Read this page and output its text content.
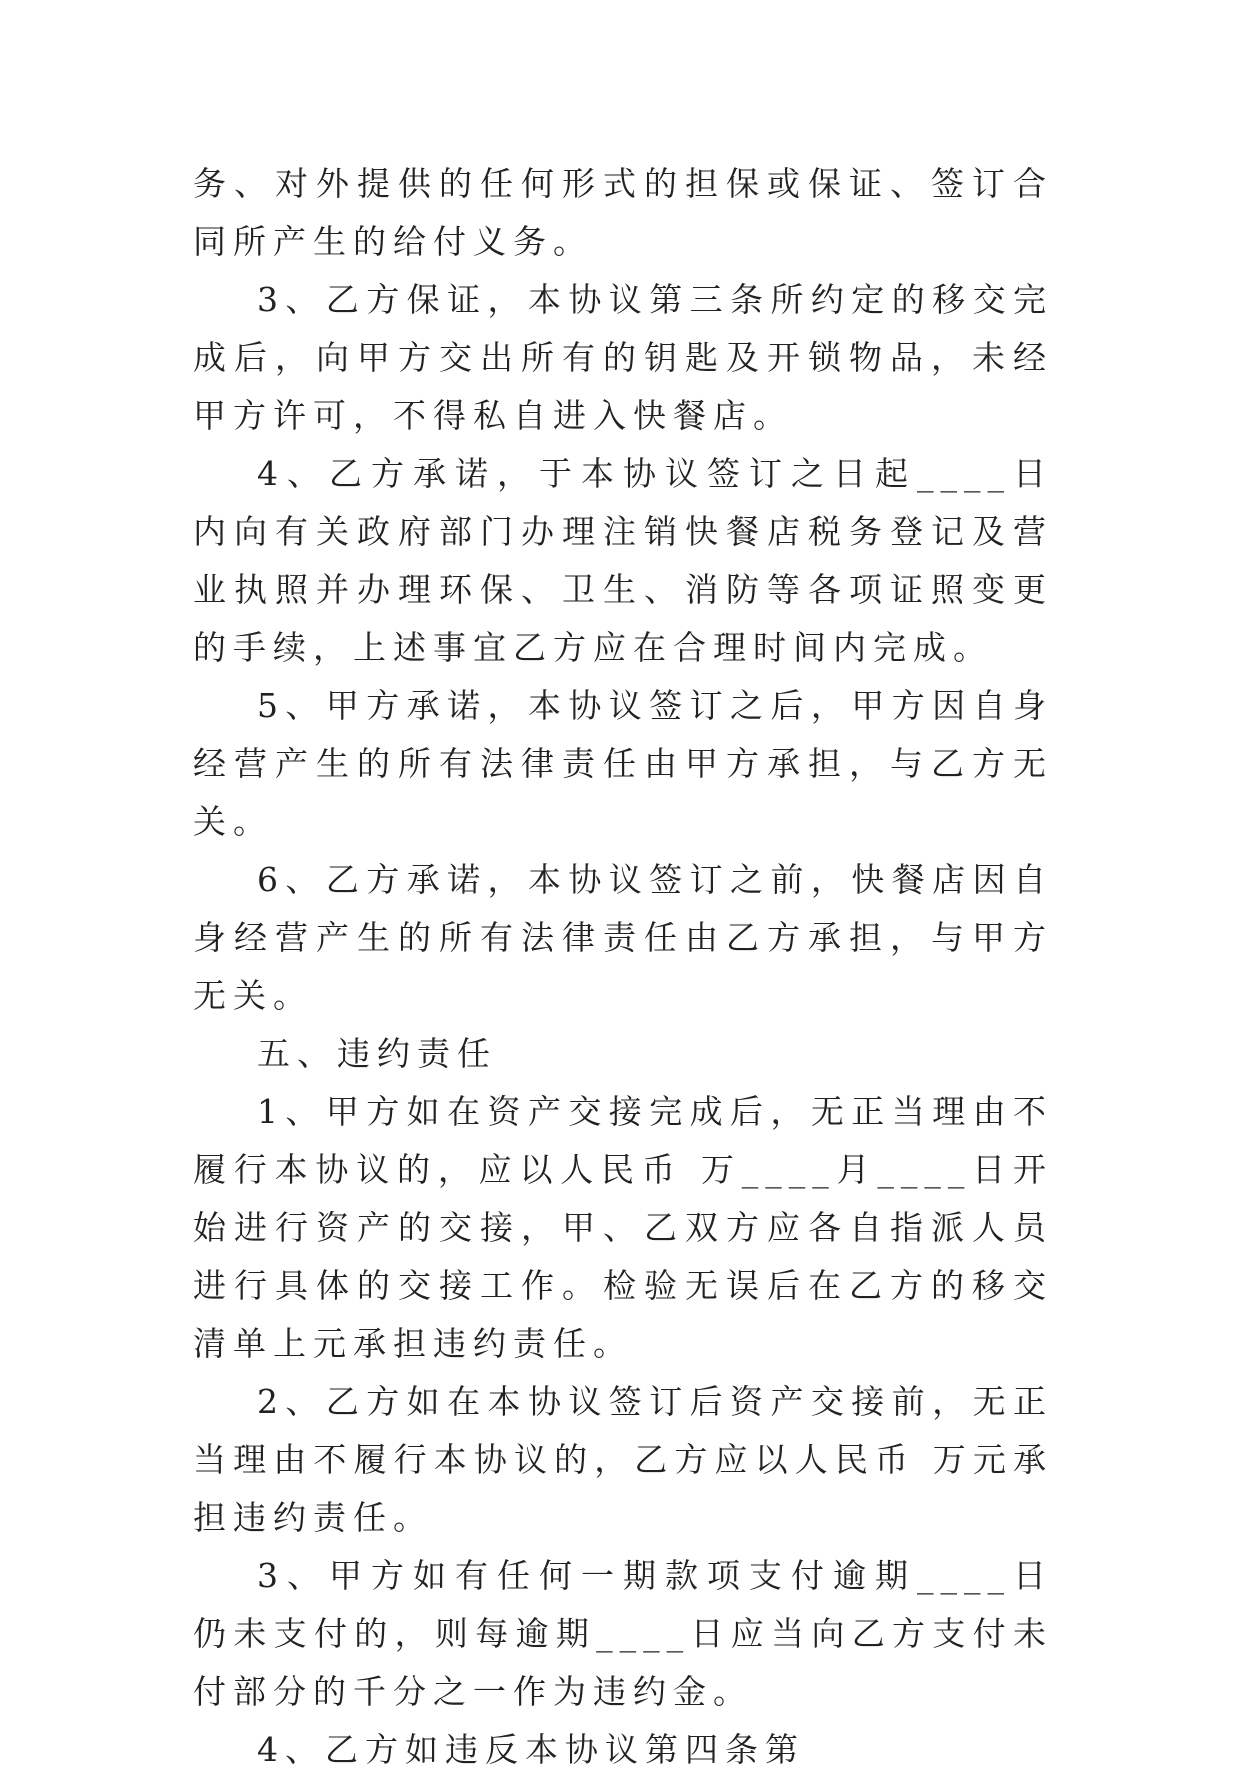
务、对外提供的任何形式的担保或保证、签订合同所产生的给付义务。

3、乙方保证，本协议第三条所约定的移交完成后，向甲方交出所有的钥匙及开锁物品，未经甲方许可，不得私自进入快餐店。

4、乙方承诺，于本协议签订之日起____日内向有关政府部门办理注销快餐店税务登记及营业执照并办理环保、卫生、消防等各项证照变更的手续，上述事宜乙方应在合理时间内完成。

5、甲方承诺，本协议签订之后，甲方因自身经营产生的所有法律责任由甲方承担，与乙方无关。

6、乙方承诺，本协议签订之前，快餐店因自身经营产生的所有法律责任由乙方承担，与甲方无关。

五、违约责任

1、甲方如在资产交接完成后，无正当理由不履行本协议的，应以人民币 万____月____日开始进行资产的交接，甲、乙双方应各自指派人员进行具体的交接工作。检验无误后在乙方的移交清单上元承担违约责任。

2、乙方如在本协议签订后资产交接前，无正当理由不履行本协议的，乙方应以人民币 万元承担违约责任。

3、甲方如有任何一期款项支付逾期____日仍未支付的，则每逾期____日应当向乙方支付未付部分的千分之一作为违约金。

4、乙方如违反本协议第四条第
